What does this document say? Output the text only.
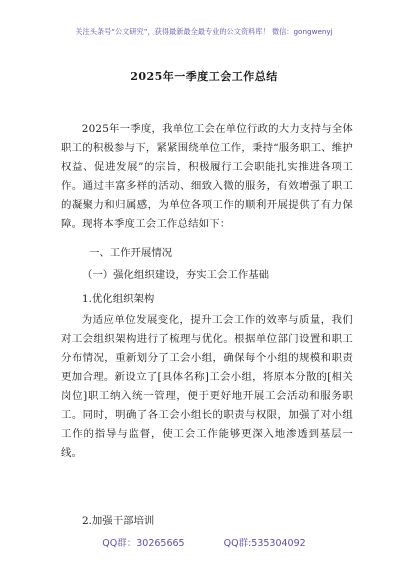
关注头条号“公文研究”，获得最新最全最专业的公文资料库！ 微信：gongwenyj
2025年一季度工会工作总结

2025年一季度，我单位工会在单位行政的大力支持与全体职工的积极参与下，紧紧围绕单位工作，秉持“服务职工、维护权益、促进发展”的宗旨，积极履行工会职能扎实推进各项工作。通过丰富多样的活动、细致入微的服务，有效增强了职工的凝聚力和归属感，为单位各项工作的顺利开展提供了有力保障。现将本季度工会工作总结如下：

一、工作开展情况
（一）强化组织建设，夯实工会工作基础
1.优化组织架构

为适应单位发展变化，提升工会工作的效率与质量，我们对工会组织架构进行了梳理与优化。根据单位部门设置和职工分布情况，重新划分了工会小组，确保每个小组的规模和职责更加合理。新设立了[具体名称]工会小组，将原本分散的[相关岗位]职工纳入统一管理，便于更好地开展工会活动和服务职工。同时，明确了各工会小组长的职责与权限，加强了对小组工作的指导与监督，使工会工作能够更深入地渗透到基层一线。

2.加强干部培训
QQ群：30265665	QQ群:535304092
